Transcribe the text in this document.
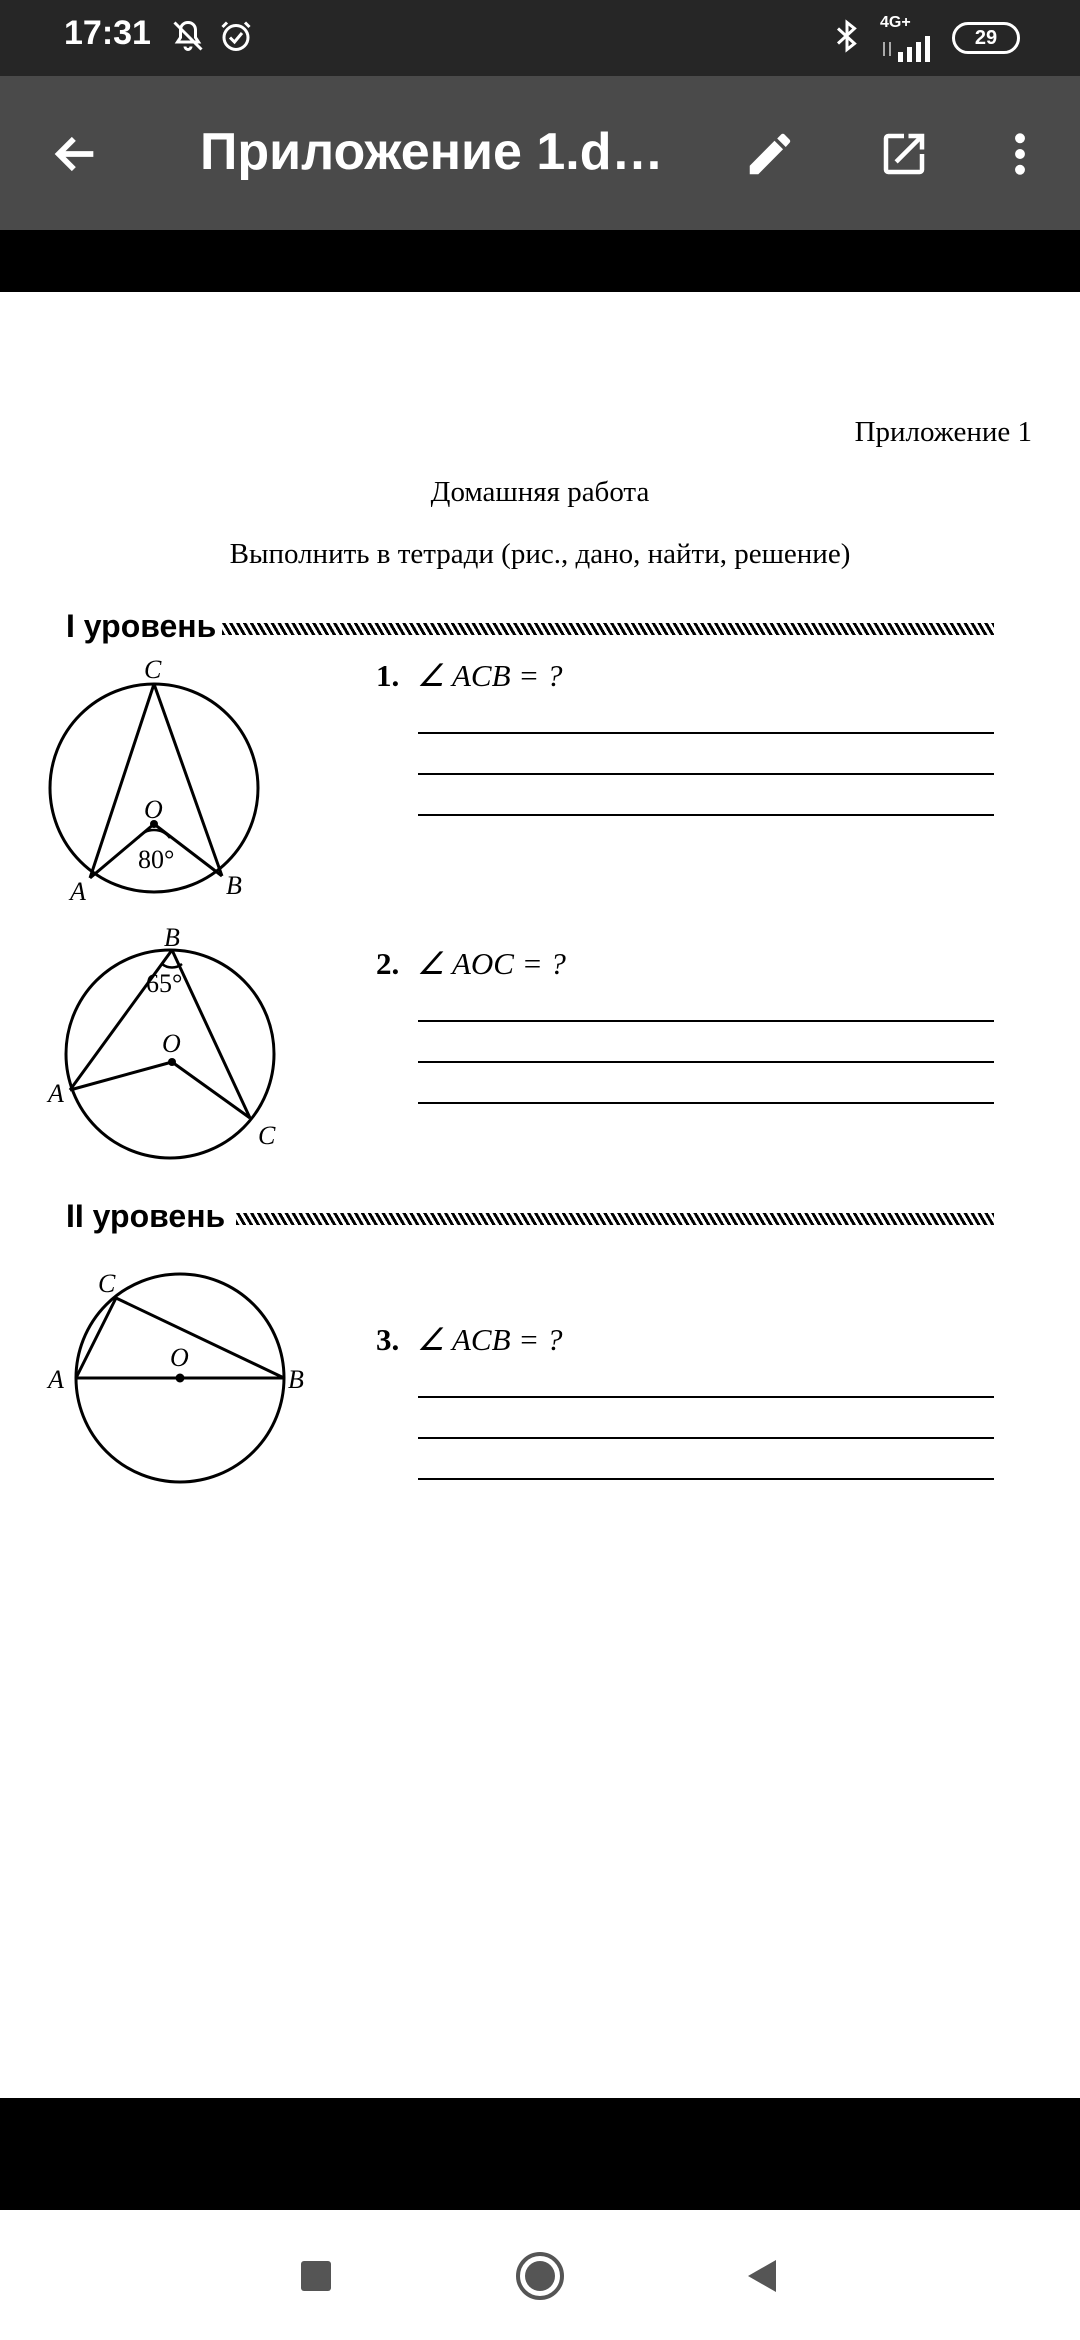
17:31	4G+
29
Приложение 1.d…
Приложение 1
Домашняя работа
Выполнить в тетради (рис., дано, найти, решение)
I уровень
C
O
80°
A	B
1. ∠ ACB = ?
B
65°
O
A
C
2. ∠ AOC = ?
II уровень
C
O
A	B
3. ∠ ACB = ?
